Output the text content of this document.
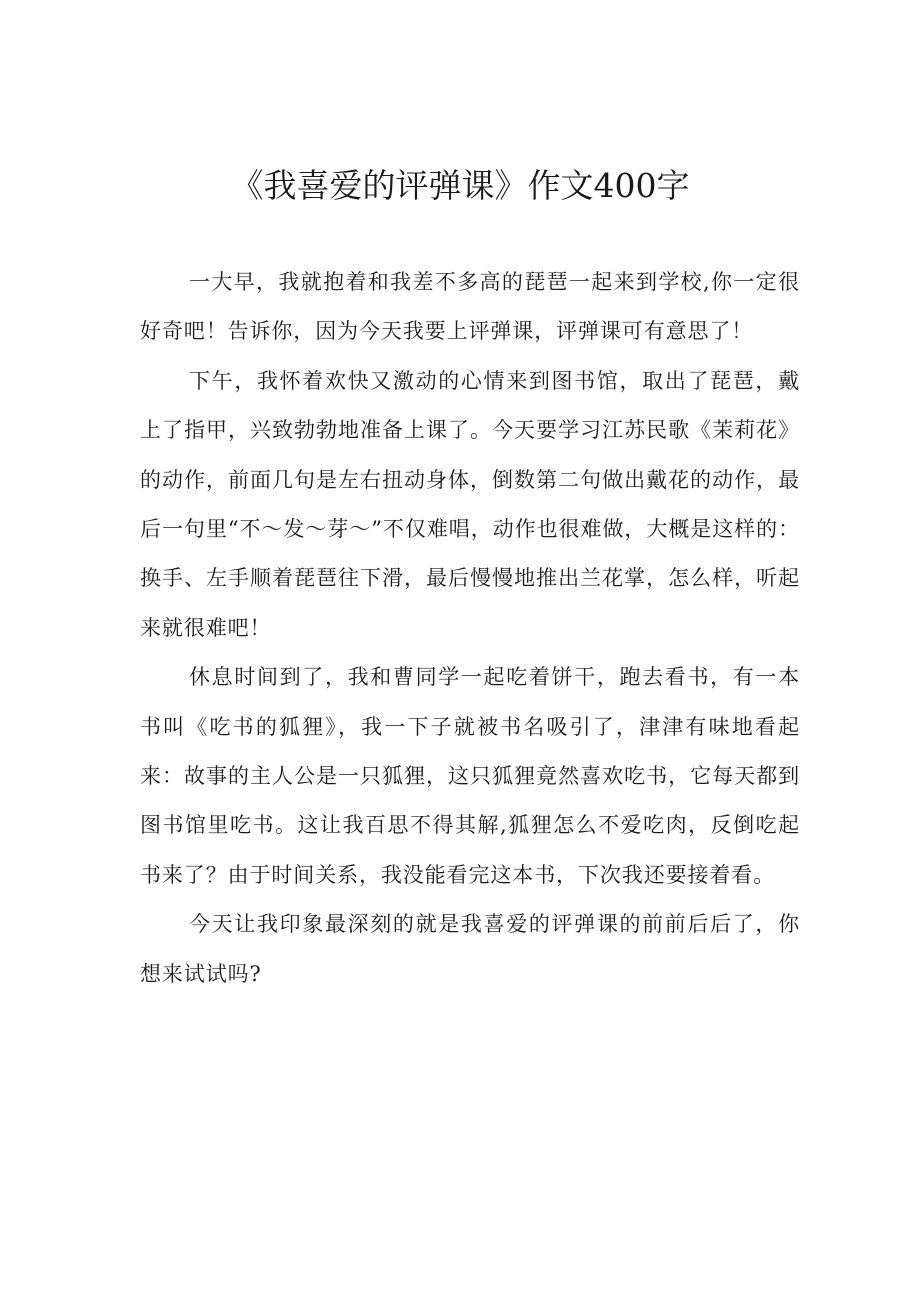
《我喜爱的评弹课》作文400字

一大早，我就抱着和我差不多高的琵琶一起来到学校,你一定很好奇吧！告诉你，因为今天我要上评弹课，评弹课可有意思了！

下午，我怀着欢快又激动的心情来到图书馆，取出了琵琶，戴上了指甲，兴致勃勃地准备上课了。今天要学习江苏民歌《茉莉花》的动作，前面几句是左右扭动身体，倒数第二句做出戴花的动作，最后一句里“不～发～芽～”不仅难唱，动作也很难做，大概是这样的：换手、左手顺着琵琶往下滑，最后慢慢地推出兰花掌，怎么样，听起来就很难吧！

休息时间到了，我和曹同学一起吃着饼干，跑去看书，有一本书叫《吃书的狐狸》，我一下子就被书名吸引了，津津有味地看起来：故事的主人公是一只狐狸，这只狐狸竟然喜欢吃书，它每天都到图书馆里吃书。这让我百思不得其解,狐狸怎么不爱吃肉，反倒吃起书来了？由于时间关系，我没能看完这本书，下次我还要接着看。

今天让我印象最深刻的就是我喜爱的评弹课的前前后后了，你想来试试吗?
